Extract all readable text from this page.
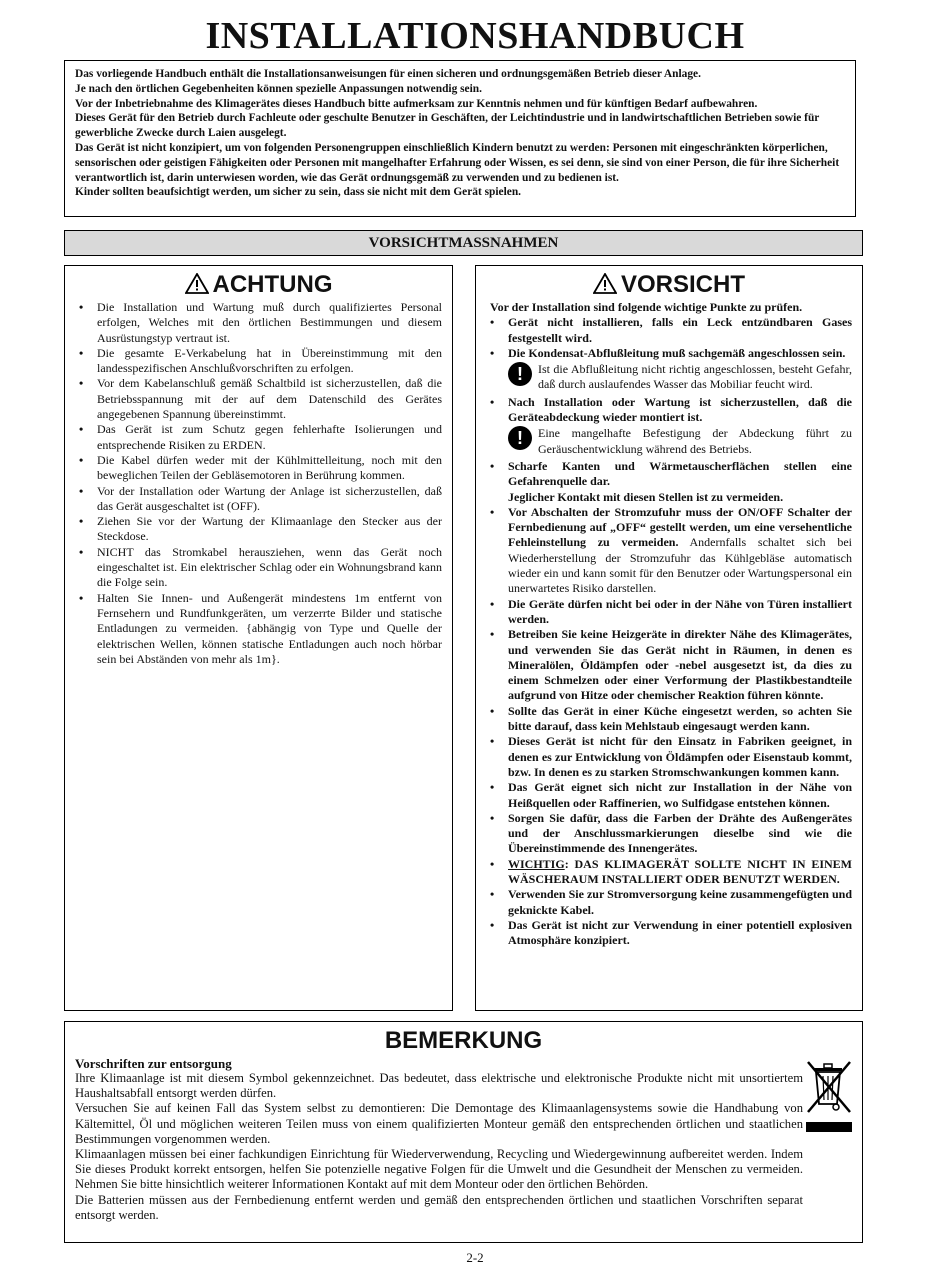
INSTALLATIONSHANDBUCH

Das vorliegende Handbuch enthält die Installationsanweisungen für einen sicheren und ordnungsgemäßen Betrieb dieser Anlage.

Je nach den örtlichen Gegebenheiten können spezielle Anpassungen notwendig sein.

Vor der Inbetriebnahme des Klimagerätes dieses Handbuch bitte aufmerksam zur Kenntnis nehmen und für künftigen Bedarf aufbewahren.

Dieses Gerät für den Betrieb durch Fachleute oder geschulte Benutzer in Geschäften, der Leichtindustrie und in landwirtschaftlichen Betrieben sowie für gewerbliche Zwecke durch Laien ausgelegt.

Das Gerät ist nicht konzipiert, um von folgenden Personengruppen einschließlich Kindern benutzt zu werden: Personen mit eingeschränkten körperlichen, sensorischen oder geistigen Fähigkeiten oder Personen mit mangelhafter Erfahrung oder Wissen, es sei denn, sie sind von einer Person, die für ihre Sicherheit verantwortlich ist, darin unterwiesen worden, wie das Gerät ordnungsgemäß zu verwenden und zu bedienen ist.

Kinder sollten beaufsichtigt werden, um sicher zu sein, dass sie nicht mit dem Gerät spielen.

VORSICHTMASSNAHMEN
ACHTUNG
• Die Installation und Wartung muß durch qualifiziertes Personal erfolgen, Welches mit den örtlichen Bestimmungen und diesem Ausrüstungstyp vertraut ist.
• Die gesamte E-Verkabelung hat in Übereinstimmung mit den landesspezifischen Anschlußvorschriften zu erfolgen.
• Vor dem Kabelanschluß gemäß Schaltbild ist sicherzustellen, daß die Betriebsspannung mit der auf dem Datenschild des Gerätes angegebenen Spannung übereinstimmt.
• Das Gerät ist zum Schutz gegen fehlerhafte Isolierungen und entsprechende Risiken zu ERDEN.
• Die Kabel dürfen weder mit der Kühlmittelleitung, noch mit den beweglichen Teilen der Gebläsemotoren in Berührung kommen.
• Vor der Installation oder Wartung der Anlage ist sicherzustellen, daß das Gerät ausgeschaltet ist (OFF).
• Ziehen Sie vor der Wartung der Klimaanlage den Stecker aus der Steckdose.
• NICHT das Stromkabel herausziehen, wenn das Gerät noch eingeschaltet ist. Ein elektrischer Schlag oder ein Wohnungsbrand kann die Folge sein.
• Halten Sie Innen- und Außengerät mindestens 1m entfernt von Fernsehern und Rundfunkgeräten, um verzerrte Bilder und statische Entladungen zu vermeiden. {abhängig von Type und Quelle der elektrischen Wellen, können statische Entladungen auch noch hörbar sein bei Abständen von mehr als 1m}.
VORSICHT
Vor der Installation sind folgende wichtige Punkte zu prüfen.
• Gerät nicht installieren, falls ein Leck entzündbaren Gases festgestellt wird.
• Die Kondensat-Abflußleitung muß sachgemäß angeschlossen sein.
!	Ist die Abflußleitung nicht richtig angeschlossen, besteht Gefahr, daß durch auslaufendes Wasser das Mobiliar feucht wird.
• Nach Installation oder Wartung ist sicherzustellen, daß die Geräteabdeckung wieder montiert ist.
!	Eine mangelhafte Befestigung der Abdeckung führt zu Geräuschentwicklung während des Betriebs.
• Scharfe Kanten und Wärmetauscherflächen stellen eine Gefahrenquelle dar.
Jeglicher Kontakt mit diesen Stellen ist zu vermeiden.
• Vor Abschalten der Stromzufuhr muss der ON/OFF Schalter der Fernbedienung auf „OFF“ gestellt werden, um eine versehentliche Fehleinstellung zu vermeiden. Andernfalls schaltet sich bei Wiederherstellung der Stromzufuhr das Kühlgebläse automatisch wieder ein und kann somit für den Benutzer oder Wartungspersonal ein unerwartetes Risiko darstellen.
• Die Geräte dürfen nicht bei oder in der Nähe von Türen installiert werden.
• Betreiben Sie keine Heizgeräte in direkter Nähe des Klimagerätes, und verwenden Sie das Gerät nicht in Räumen, in denen es Mineralölen, Öldämpfen oder -nebel ausgesetzt ist, da dies zu einem Schmelzen oder einer Verformung der Plastikbestandteile aufgrund von Hitze oder chemischer Reaktion führen könnte.
• Sollte das Gerät in einer Küche eingesetzt werden, so achten Sie bitte darauf, dass kein Mehlstaub eingesaugt werden kann.
• Dieses Gerät ist nicht für den Einsatz in Fabriken geeignet, in denen es zur Entwicklung von Öldämpfen oder Eisenstaub kommt, bzw. In denen es zu starken Stromschwankungen kommen kann.
• Das Gerät eignet sich nicht zur Installation in der Nähe von Heißquellen oder Raffinerien, wo Sulfidgase entstehen können.
• Sorgen Sie dafür, dass die Farben der Drähte des Außengerätes und der Anschlussmarkierungen dieselbe sind wie die Übereinstimmende des Innengerätes.
• WICHTIG: DAS KLIMAGERÄT SOLLTE NICHT IN EINEM WÄSCHERAUM INSTALLIERT ODER BENUTZT WERDEN.
• Verwenden Sie zur Stromversorgung keine zusammengefügten und geknickte Kabel.
• Das Gerät ist nicht zur Verwendung in einer potentiell explosiven Atmosphäre konzipiert.
BEMERKUNG
Vorschriften zur entsorgung

Ihre Klimaanlage ist mit diesem Symbol gekennzeichnet. Das bedeutet, dass elektrische und elektronische Produkte nicht mit unsortiertem Haushaltsabfall entsorgt werden dürfen.

Versuchen Sie auf keinen Fall das System selbst zu demontieren: Die Demontage des Klimaanlagensystems sowie die Handhabung von Kältemittel, Öl und möglichen weiteren Teilen muss von einem qualifizierten Monteur gemäß den entsprechenden örtlichen und staatlichen Bestimmungen vorgenommen werden.

Klimaanlagen müssen bei einer fachkundigen Einrichtung für Wiederverwendung, Recycling und Wiedergewinnung aufbereitet werden. Indem Sie dieses Produkt korrekt entsorgen, helfen Sie potenzielle negative Folgen für die Umwelt und die Gesundheit der Menschen zu vermeiden. Nehmen Sie bitte hinsichtlich weiterer Informationen Kontakt auf mit dem Monteur oder den örtlichen Behörden.

Die Batterien müssen aus der Fernbedienung entfernt werden und gemäß den entsprechenden örtlichen und staatlichen Vorschriften separat entsorgt werden.

2-2
